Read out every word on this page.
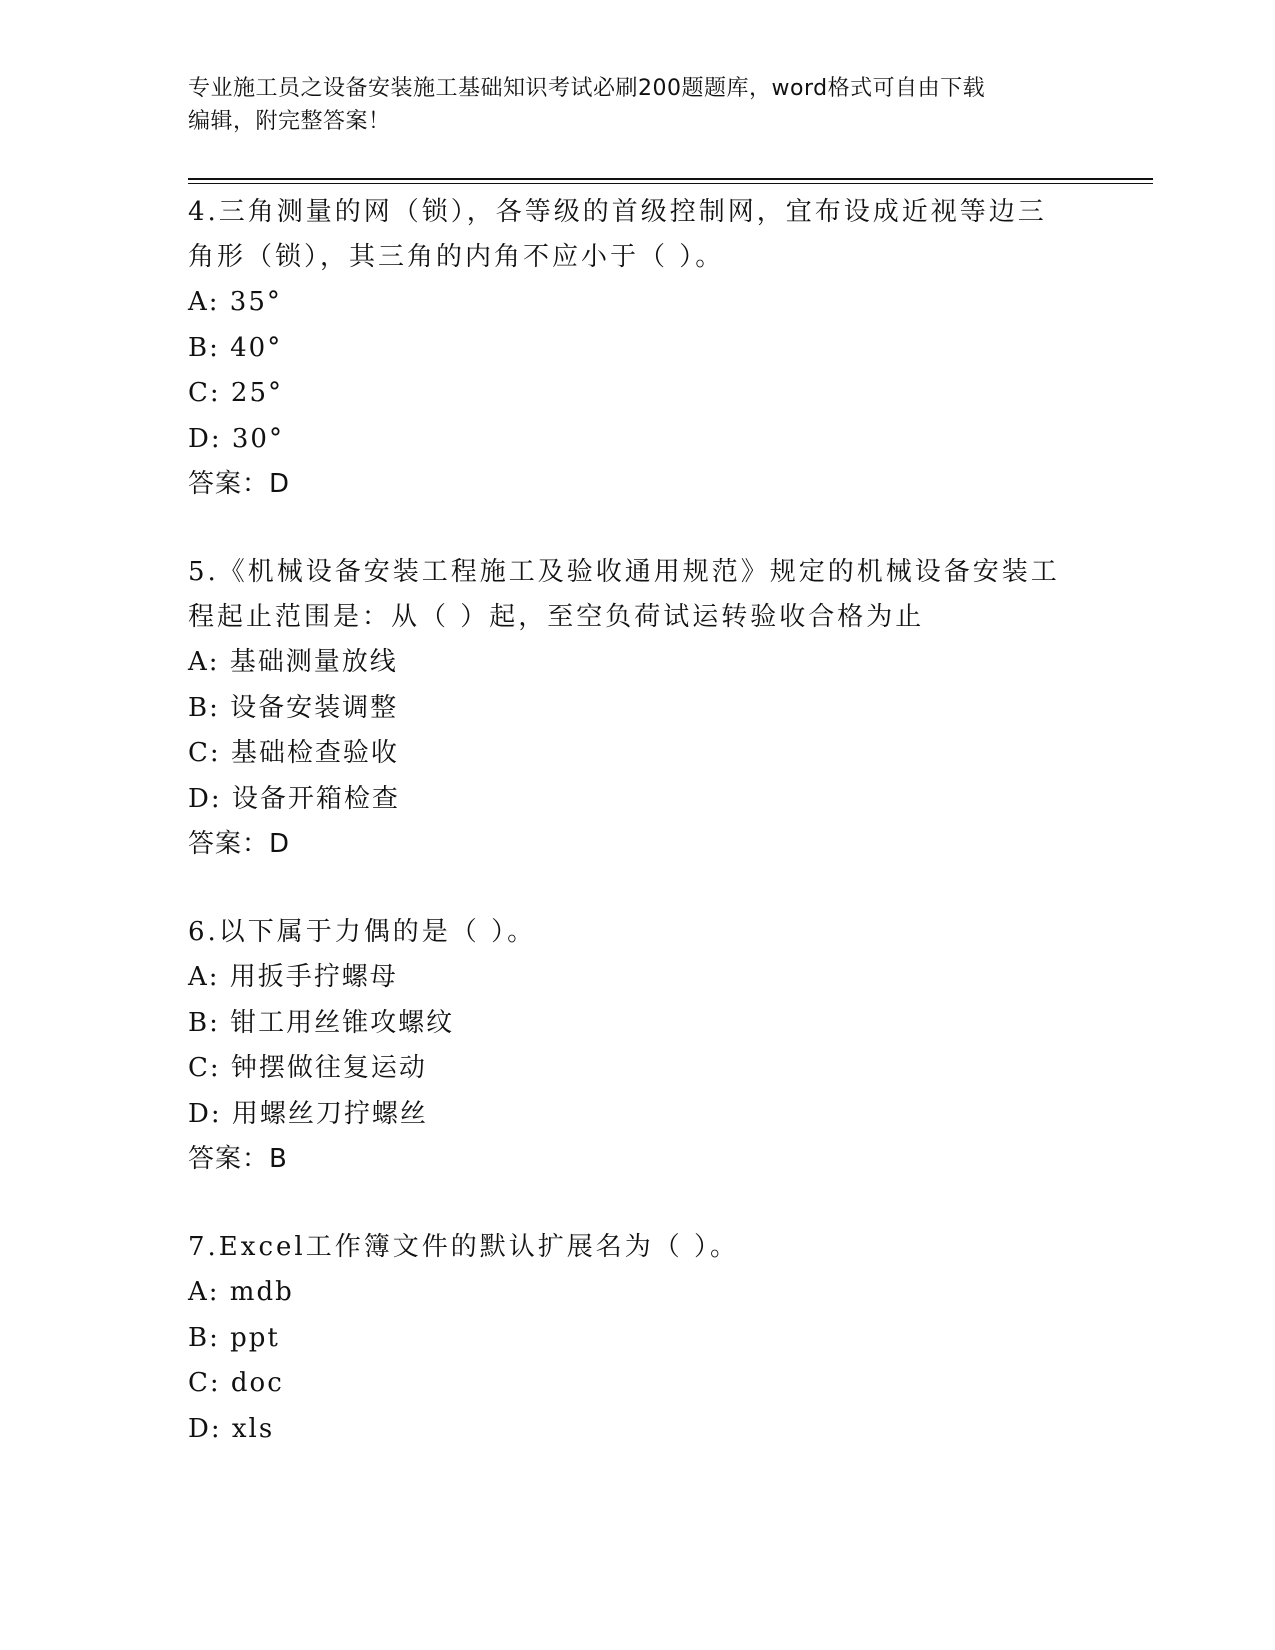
专业施工员之设备安装施工基础知识考试必刷200题题库，word格式可自由下载
编辑，附完整答案！
4.三角测量的网（锁），各等级的首级控制网，宜布设成近视等边三
角形（锁），其三角的内角不应小于（ ）。
A: 35°
B: 40°
C: 25°
D: 30°
答案：D
5.《机械设备安装工程施工及验收通用规范》规定的机械设备安装工
程起止范围是：从（ ）起，至空负荷试运转验收合格为止
A: 基础测量放线
B: 设备安装调整
C: 基础检查验收
D: 设备开箱检查
答案：D
6.以下属于力偶的是（ ）。
A: 用扳手拧螺母
B: 钳工用丝锥攻螺纹
C: 钟摆做往复运动
D: 用螺丝刀拧螺丝
答案：B
7.Excel工作簿文件的默认扩展名为（ ）。
A: mdb
B: ppt
C: doc
D: xls
